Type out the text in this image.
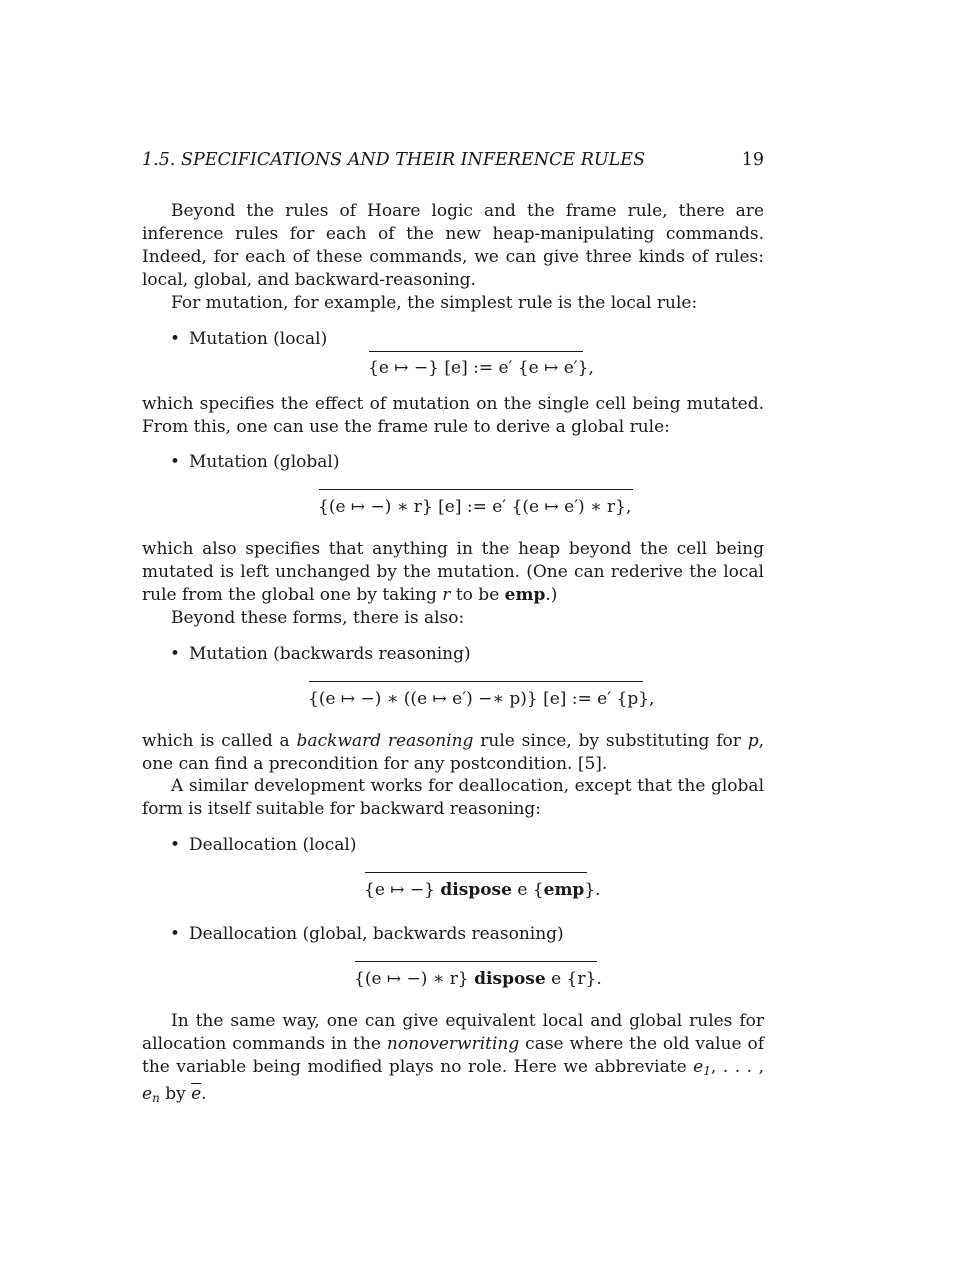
1.5. SPECIFICATIONS AND THEIR INFERENCE RULES	19
Beyond the rules of Hoare logic and the frame rule, there are inference rules for each of the new heap-manipulating commands. Indeed, for each of these commands, we can give three kinds of rules: local, global, and backward-reasoning.
For mutation, for example, the simplest rule is the local rule:
• Mutation (local)
{e ↦ −} [e] := e′ {e ↦ e′},
which specifies the effect of mutation on the single cell being mutated. From this, one can use the frame rule to derive a global rule:
• Mutation (global)
{(e ↦ −) ∗ r} [e] := e′ {(e ↦ e′) ∗ r},
which also specifies that anything in the heap beyond the cell being mutated is left unchanged by the mutation. (One can rederive the local rule from the global one by taking r to be emp.)
Beyond these forms, there is also:
• Mutation (backwards reasoning)
{(e ↦ −) ∗ ((e ↦ e′) −∗ p)} [e] := e′ {p},
which is called a backward reasoning rule since, by substituting for p, one can find a precondition for any postcondition. [5].
A similar development works for deallocation, except that the global form is itself suitable for backward reasoning:
• Deallocation (local)
{e ↦ −} dispose e {emp}.
• Deallocation (global, backwards reasoning)
{(e ↦ −) ∗ r} dispose e {r}.
In the same way, one can give equivalent local and global rules for allocation commands in the nonoverwriting case where the old value of the variable being modified plays no role. Here we abbreviate $e_1$, . . . , $e_n$ by $\overline{e}$.
